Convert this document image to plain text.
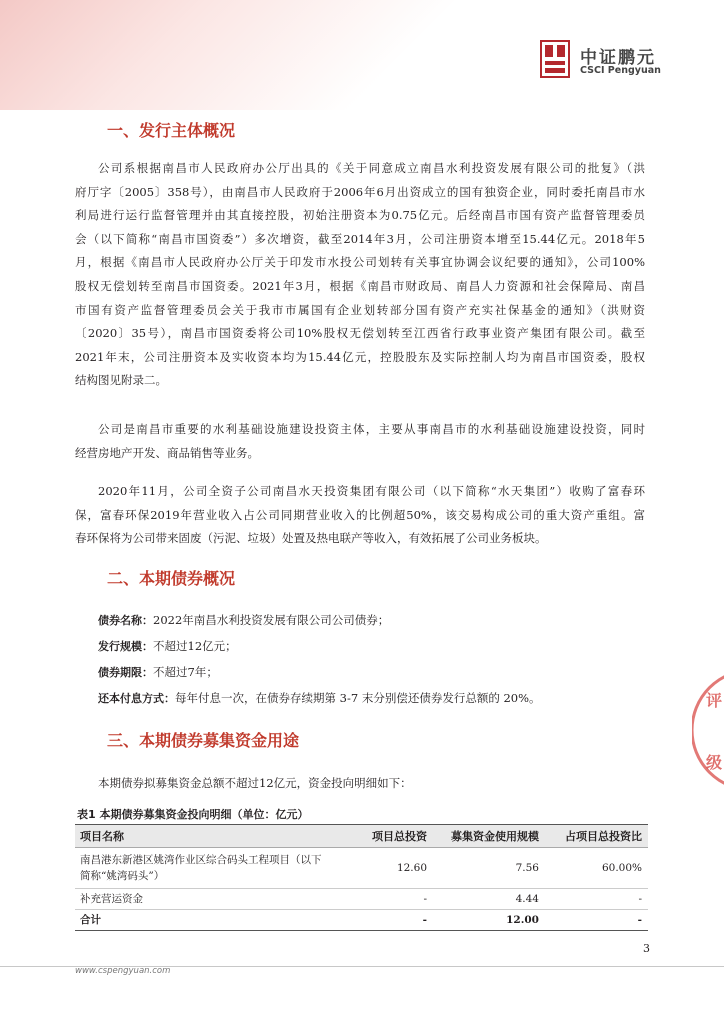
中证鹏元
CSCI Pengyuan
一、发行主体概况
公司系根据南昌市人民政府办公厅出具的《关于同意成立南昌水利投资发展有限公司的批复》（洪
府厅字〔2005〕358号），由南昌市人民政府于2006年6月出资成立的国有独资企业，同时委托南昌市水
利局进行运行监督管理并由其直接控股，初始注册资本为0.75亿元。后经南昌市国有资产监督管理委员
会（以下简称“南昌市国资委”）多次增资，截至2014年3月，公司注册资本增至15.44亿元。2018年5
月，根据《南昌市人民政府办公厅关于印发市水投公司划转有关事宜协调会议纪要的通知》，公司100%
股权无偿划转至南昌市国资委。2021年3月，根据《南昌市财政局、南昌人力资源和社会保障局、南昌
市国有资产监督管理委员会关于我市市属国有企业划转部分国有资产充实社保基金的通知》（洪财资
〔2020〕35号），南昌市国资委将公司10%股权无偿划转至江西省行政事业资产集团有限公司。截至
2021年末，公司注册资本及实收资本均为15.44亿元，控股股东及实际控制人均为南昌市国资委，股权
结构图见附录二。
公司是南昌市重要的水利基础设施建设投资主体，主要从事南昌市的水利基础设施建设投资，同时
经营房地产开发、商品销售等业务。
2020年11月，公司全资子公司南昌水天投资集团有限公司（以下简称“水天集团”）收购了富春环
保，富春环保2019年营业收入占公司同期营业收入的比例超50%，该交易构成公司的重大资产重组。富
春环保将为公司带来固废（污泥、垃圾）处置及热电联产等收入，有效拓展了公司业务板块。
二、本期债券概况
债券名称：2022年南昌水利投资发展有限公司公司债券；
发行规模：不超过12亿元；
债券期限：不超过7年；
还本付息方式：每年付息一次，在债券存续期第 3-7 末分别偿还债券发行总额的 20%。
三、本期债券募集资金用途
本期债券拟募集资金总额不超过12亿元，资金投向明细如下：
表1 本期债券募集资金投向明细（单位：亿元）
项目名称	项目总投资	募集资金使用规模	占项目总投资比
南昌港东新港区姚湾作业区综合码头工程项目（以下
简称“姚湾码头”）	12.60	7.56	60.00%
补充营运资金	-	4.44	-
合计	-	12.00	-
评
级
3
www.cspengyuan.com
